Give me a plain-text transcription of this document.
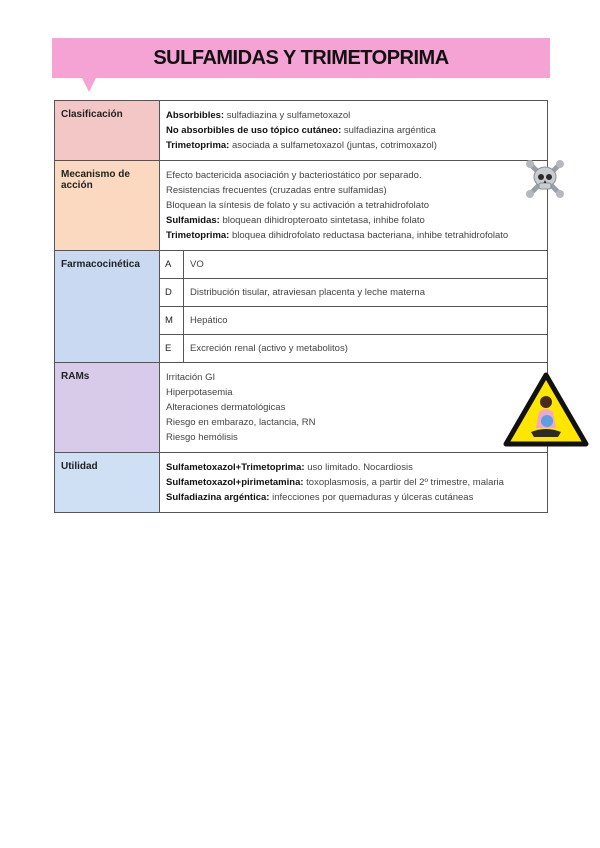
SULFAMIDAS Y TRIMETOPRIMA
Clasificación	Absorbibles: sulfadiazina y sulfametoxazol
No absorbibles de uso tópico cutáneo: sulfadiazina argéntica
Trimetoprima: asociada a sulfametoxazol (juntas, cotrimoxazol)

Mecanismo de acción	
Efecto bactericida asociación y bacteriostático por separado. Resistencias frecuentes (cruzadas entre sulfamidas)
Bloquean la síntesis de folato y su activación a tetrahidrofolato
Sulfamidas: bloquean dihidropteroato sintetasa, inhibe folato
Trimetoprima: bloquea dihidrofolato reductasa bacteriana, inhibe tetrahidrofolato

Farmacocinética		A	VO
D	Distribución tisular, atraviesan placenta y leche materna
M	Hepático
E	Excreción renal (activo y metabolitos)

RAMs	Irritación GI
Hiperpotasemia
Alteraciones dermatológicas
Riesgo en embarazo, lactancia, RN
Riesgo hemólisis

Utilidad	Sulfametoxazol+Trimetoprima: uso limitado. Nocardiosis
Sulfametoxazol+pirimetamina: toxoplasmosis, a partir del 2º trimestre, malaria
Sulfadiazina argéntica: infecciones por quemaduras y úlceras cutáneas
